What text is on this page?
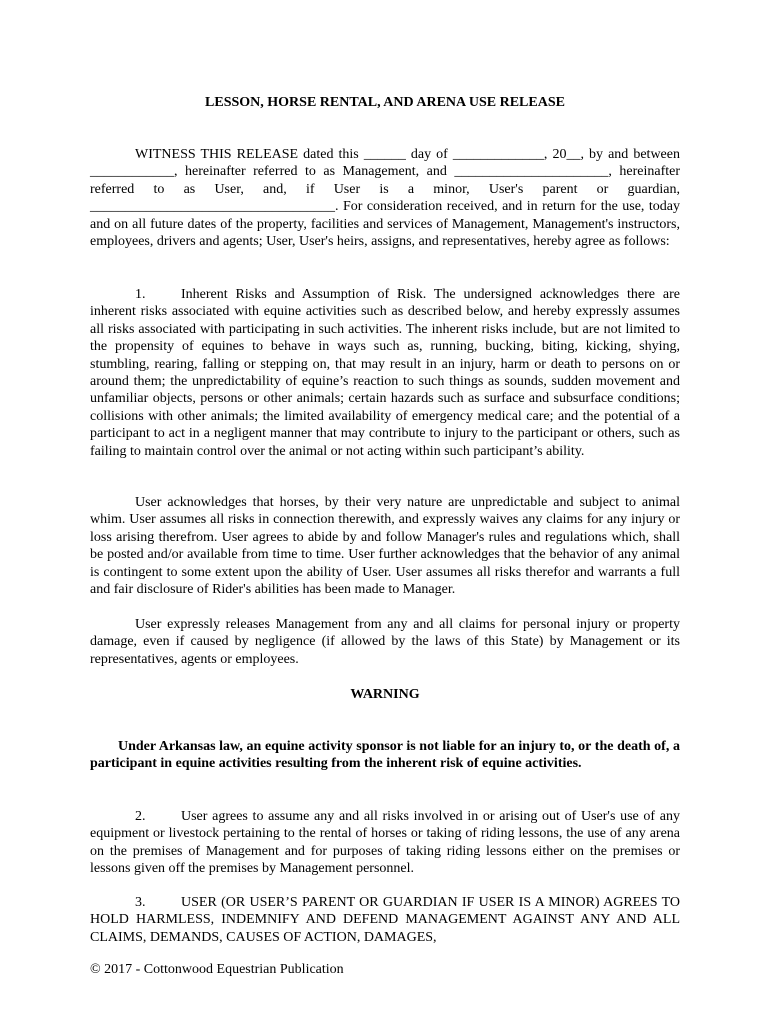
LESSON, HORSE RENTAL, AND ARENA USE RELEASE

WITNESS THIS RELEASE dated this ______ day of _____________, 20__, by and between ____________, hereinafter referred to as Management, and ______________________, hereinafter referred to as User, and, if User is a minor, User's parent or guardian, ___________________________________. For consideration received, and in return for the use, today and on all future dates of the property, facilities and services of Management, Management's instructors, employees, drivers and agents; User, User's heirs, assigns, and representatives, hereby agree as follows:

1.	Inherent Risks and Assumption of Risk. The undersigned acknowledges there are inherent risks associated with equine activities such as described below, and hereby expressly assumes all risks associated with participating in such activities. The inherent risks include, but are not limited to the propensity of equines to behave in ways such as, running, bucking, biting, kicking, shying, stumbling, rearing, falling or stepping on, that may result in an injury, harm or death to persons on or around them; the unpredictability of equine’s reaction to such things as sounds, sudden movement and unfamiliar objects, persons or other animals; certain hazards such as surface and subsurface conditions; collisions with other animals; the limited availability of emergency medical care; and the potential of a participant to act in a negligent manner that may contribute to injury to the participant or others, such as failing to maintain control over the animal or not acting within such participant’s ability.

User acknowledges that horses, by their very nature are unpredictable and subject to animal whim. User assumes all risks in connection therewith, and expressly waives any claims for any injury or loss arising therefrom. User agrees to abide by and follow Manager's rules and regulations which, shall be posted and/or available from time to time. User further acknowledges that the behavior of any animal is contingent to some extent upon the ability of User. User assumes all risks therefor and warrants a full and fair disclosure of Rider's abilities has been made to Manager.

User expressly releases Management from any and all claims for personal injury or property damage, even if caused by negligence (if allowed by the laws of this State) by Management or its representatives, agents or employees.

WARNING

Under Arkansas law, an equine activity sponsor is not liable for an injury to, or the death of, a participant in equine activities resulting from the inherent risk of equine activities.

2.	User agrees to assume any and all risks involved in or arising out of User's use of any equipment or livestock pertaining to the rental of horses or taking of riding lessons, the use of any arena on the premises of Management and for purposes of taking riding lessons either on the premises or lessons given off the premises by Management personnel.

3.	USER (OR USER’S PARENT OR GUARDIAN IF USER IS A MINOR) AGREES TO HOLD HARMLESS, INDEMNIFY AND DEFEND MANAGEMENT AGAINST ANY AND ALL CLAIMS, DEMANDS, CAUSES OF ACTION, DAMAGES,

© 2017 - Cottonwood Equestrian Publication
